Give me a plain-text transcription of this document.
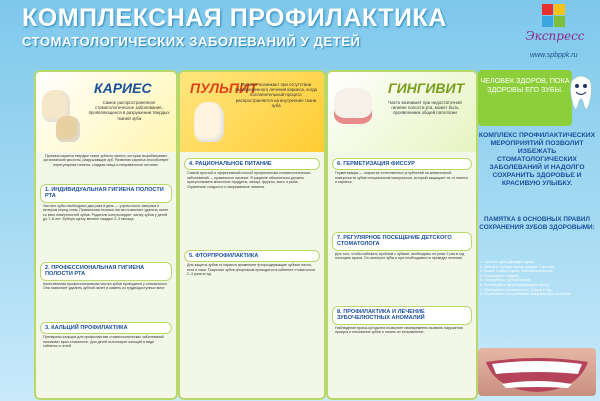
КОМПЛЕКСНАЯ ПРОФИЛАКТИКА
СТОМАТОЛОГИЧЕСКИХ ЗАБОЛЕВАНИЙ У ДЕТЕЙ	Экспресс
www.spbppk.ru
КАРИЕС
Самое распространенное стоматологическое заболевание, проявляющееся в разрушении твердых тканей зуба
Причина кариеса твердые ткани зубного налета, которые вырабатывают органические кислоты, разрушающие зуб. Развитию кариеса способствует нерегулярная гигиена, сладкая пища и неправильное питание.
1. ИНДИВИДУАЛЬНАЯ ГИГИЕНА ПОЛОСТИ РТА
Чистить зубы необходимо два раза в день — утром после завтрака и вечером перед сном. Правильная техника чистки позволяет удалить налет со всех поверхностей зубов. Родители контролируют чистку зубов у детей до 7–8 лет. Зубную щетку меняют каждые 2–3 месяца.
2. ПРОФЕССИОНАЛЬНАЯ ГИГИЕНА ПОЛОСТИ РТА
Качественная профессиональная чистка зубов проводится у стоматолога. Она позволяет удалить зубной налет и камень из труднодоступных мест.
3. КАЛЬЦИЙ ПРОФИЛАКТИКА
Препараты кальция для профилактики стоматологических заболеваний назначает врач-стоматолог. Для детей используют кальций в виде таблеток и гелей.
ПУЛЬПИТ
Пульпит возникает при отсутствии своевременного лечения кариеса, когда воспалительный процесс распространяется на внутренние ткани зуба
4. РАЦИОНАЛЬНОЕ ПИТАНИЕ
Самый простой и эффективный способ профилактики стоматологических заболеваний — правильное питание. В рационе обязательно должны присутствовать молочные продукты, овощи, фрукты, мясо и рыба. Ограничьте сладости и газированные напитки.
5. ФТОРПРОФИЛАКТИКА
Для защиты зубов от кариеса применяют фторсодержащие зубные пасты, гели и лаки. Покрытие зубов фторлаком проводится в кабинете стоматолога 2–3 раза в год.
ГИНГИВИТ
Часто возникает при недостаточной гигиене полости рта, может быть проявлением общей патологии
6. ГЕРМЕТИЗАЦИЯ ФИССУР
Герметизация — покрытие естественных углублений на жевательной поверхности зубов специальным материалом, который защищает их от налета и кариеса.
7. РЕГУЛЯРНОЕ ПОСЕЩЕНИЕ ДЕТСКОГО СТОМАТОЛОГА
Для того, чтобы избежать проблем с зубами, необходимо не реже 2 раз в год посещать врача. Он осмотрит зубы и при необходимости проведет лечение.
8. ПРОФИЛАКТИКА И ЛЕЧЕНИЕ ЗУБОЧЕЛЮСТНЫХ АНОМАЛИЙ
Наблюдение врача-ортодонта позволяет своевременно выявить нарушения прикуса и положения зубов и начать их исправление.
ЧЕЛОВЕК ЗДОРОВ, ПОКА ЗДОРОВЫ ЕГО ЗУБЫ.
КОМПЛЕКС ПРОФИЛАКТИЧЕСКИХ МЕРОПРИЯТИЙ ПОЗВОЛИТ ИЗБЕЖАТЬ СТОМАТОЛОГИЧЕСКИХ ЗАБОЛЕВАНИЙ И НАДОЛГО СОХРАНИТЬ ЗДОРОВЬЕ И КРАСИВУЮ УЛЫБКУ.
ПАМЯТКА 8 ОСНОВНЫХ ПРАВИЛ СОХРАНЕНИЯ ЗУБОВ ЗДОРОВЫМИ:
1. Чистите зубы дважды в день.
2. Меняйте зубную щетку каждые 3 месяца.
3. Ешьте 3 раза в день, избегая перекусов.
4. Ограничьте сладкое.
5. Пользуйтесь зубной нитью.
6. Используйте фторсодержащую пасту.
7. Посещайте стоматолога 2–3 раза в год.
8. Ограничьте употребление газированных напитков.
